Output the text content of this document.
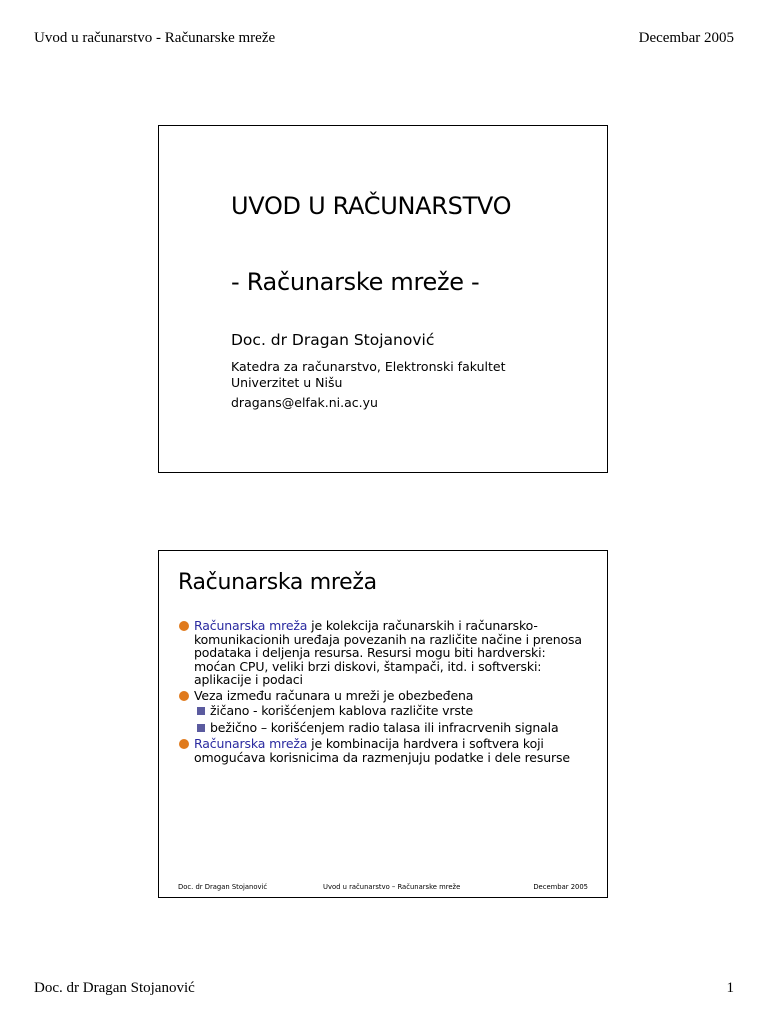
Uvod u računarstvo - Računarske mreže	Decembar 2005
UVOD U RAČUNARSTVO
- Računarske mreže -
Doc. dr Dragan Stojanović
Katedra za računarstvo, Elektronski fakultet
Univerzitet u Nišu
dragans@elfak.ni.ac.yu
Računarska mreža
Računarska mreža je kolekcija računarskih i računarsko-komunikacionih uređaja povezanih na različite načine i prenosa podataka i deljenja resursa. Resursi mogu biti hardverski: moćan CPU, veliki brzi diskovi, štampači, itd. i softverski: aplikacije i podaci
Veza između računara u mreži je obezbeđena
žičano - korišćenjem kablova različite vrste
bežično – korišćenjem radio talasa ili infracrvenih signala
Računarska mreža je kombinacija hardvera i softvera koji omogućava korisnicima da razmenjuju podatke i dele resurse
Doc. dr Dragan Stojanović	Uvod u računarstvo – Računarske mreže	Decembar 2005
Doc. dr Dragan Stojanović	1
